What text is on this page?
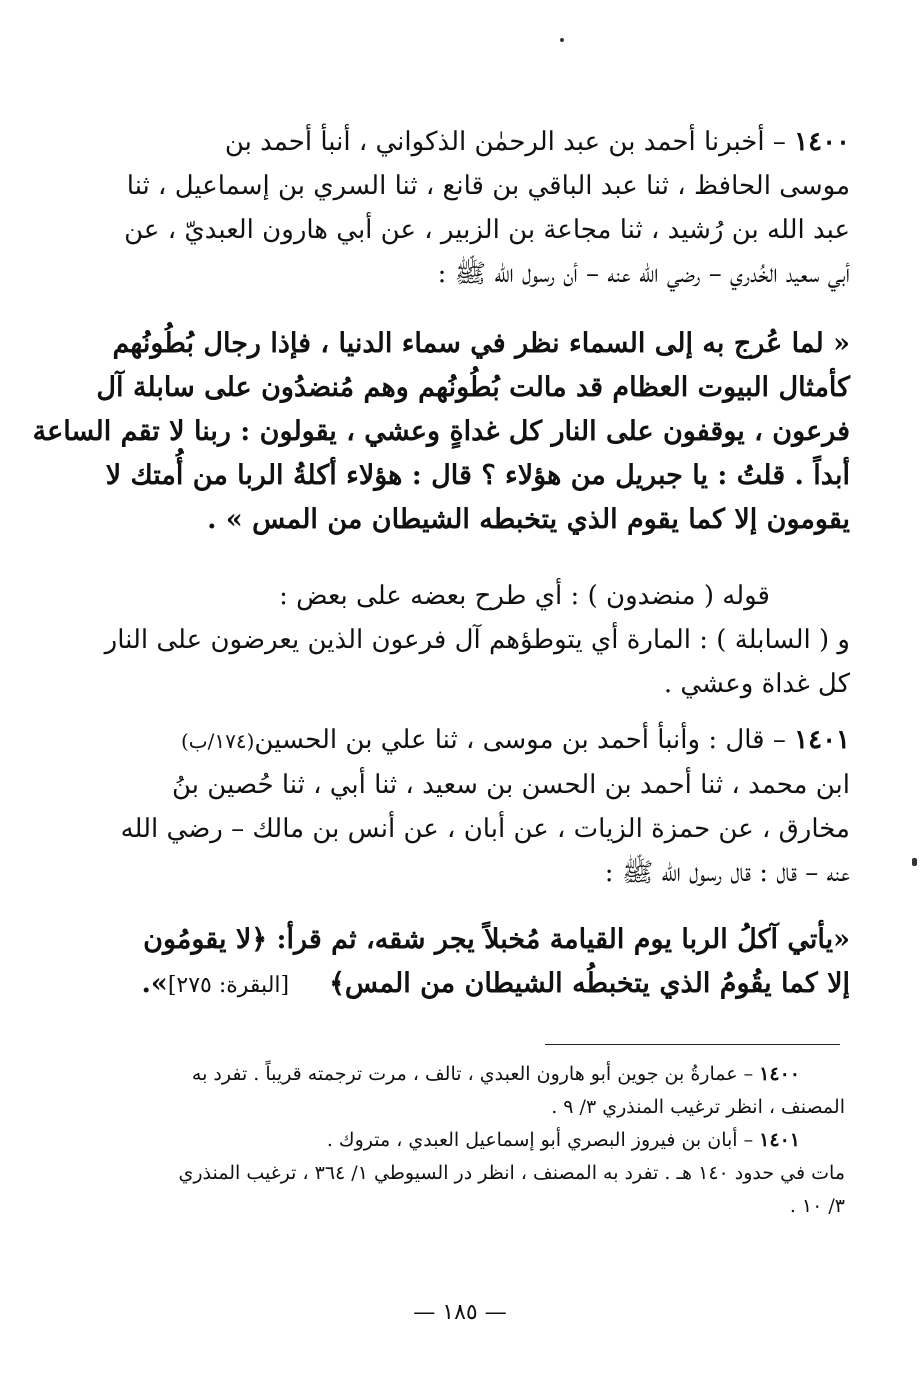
١٤٠٠ – أخبرنا أحمد بن عبد الرحمٰن الذكواني ، أنبأ أحمد بن
موسى الحافظ ، ثنا عبد الباقي بن قانع ، ثنا السري بن إسماعيل ، ثنا
عبد الله بن رُشيد ، ثنا مجاعة بن الزبير ، عن أبي هارون العبديّ ، عن
أبي سعيد الخُدري – رضي الله عنه – أن رسول الله ﷺ :
« لما عُرج به إلى السماء نظر في سماء الدنيا ، فإذا رجال بُطُونُهم
كأمثال البيوت العظام قد مالت بُطُونُهم وهم مُنضدُون على سابلة آل
فرعون ، يوقفون على النار كل غداةٍ وعشي ، يقولون : ربنا لا تقم الساعة
أبداً . قلتُ : يا جبريل من هؤلاء ؟ قال : هؤلاء أكلةُ الربا من أُمتك لا
يقومون إلا كما يقوم الذي يتخبطه الشيطان من المس » .
قوله ( منضدون ) : أي طرح بعضه على بعض :
و ( السابلة ) : المارة أي يتوطؤهم آل فرعون الذين يعرضون على النار
كل غداة وعشي .
١٤٠١ – قال : وأنبأ أحمد بن موسى ، ثنا علي بن الحسين(١٧٤/ب)
ابن محمد ، ثنا أحمد بن الحسن بن سعيد ، ثنا أبي ، ثنا حُصين بنُ
مخارق ، عن حمزة الزيات ، عن أبان ، عن أنس بن مالك – رضي الله
عنه – قال : قال رسول الله ﷺ :
«يأتي آكلُ الربا يوم القيامة مُخبلاً يجر شقه، ثم قرأ: ﴿لا يقومُون
إلا كما يقُومُ الذي يتخبطُه الشيطان من المس﴾[البقرة: ٢٧٥]».
١٤٠٠ – عمارةُ بن جوين أبو هارون العبدي ، تالف ، مرت ترجمته قريباً . تفرد به
المصنف ، انظر ترغيب المنذري ٣/ ٩ .
١٤٠١ – أبان بن فيروز البصري أبو إسماعيل العبدي ، متروك .
مات في حدود ١٤٠ هـ . تفرد به المصنف ، انظر در السيوطي ١/ ٣٦٤ ، ترغيب المنذري
٣/ ١٠ .
— ١٨٥ —
